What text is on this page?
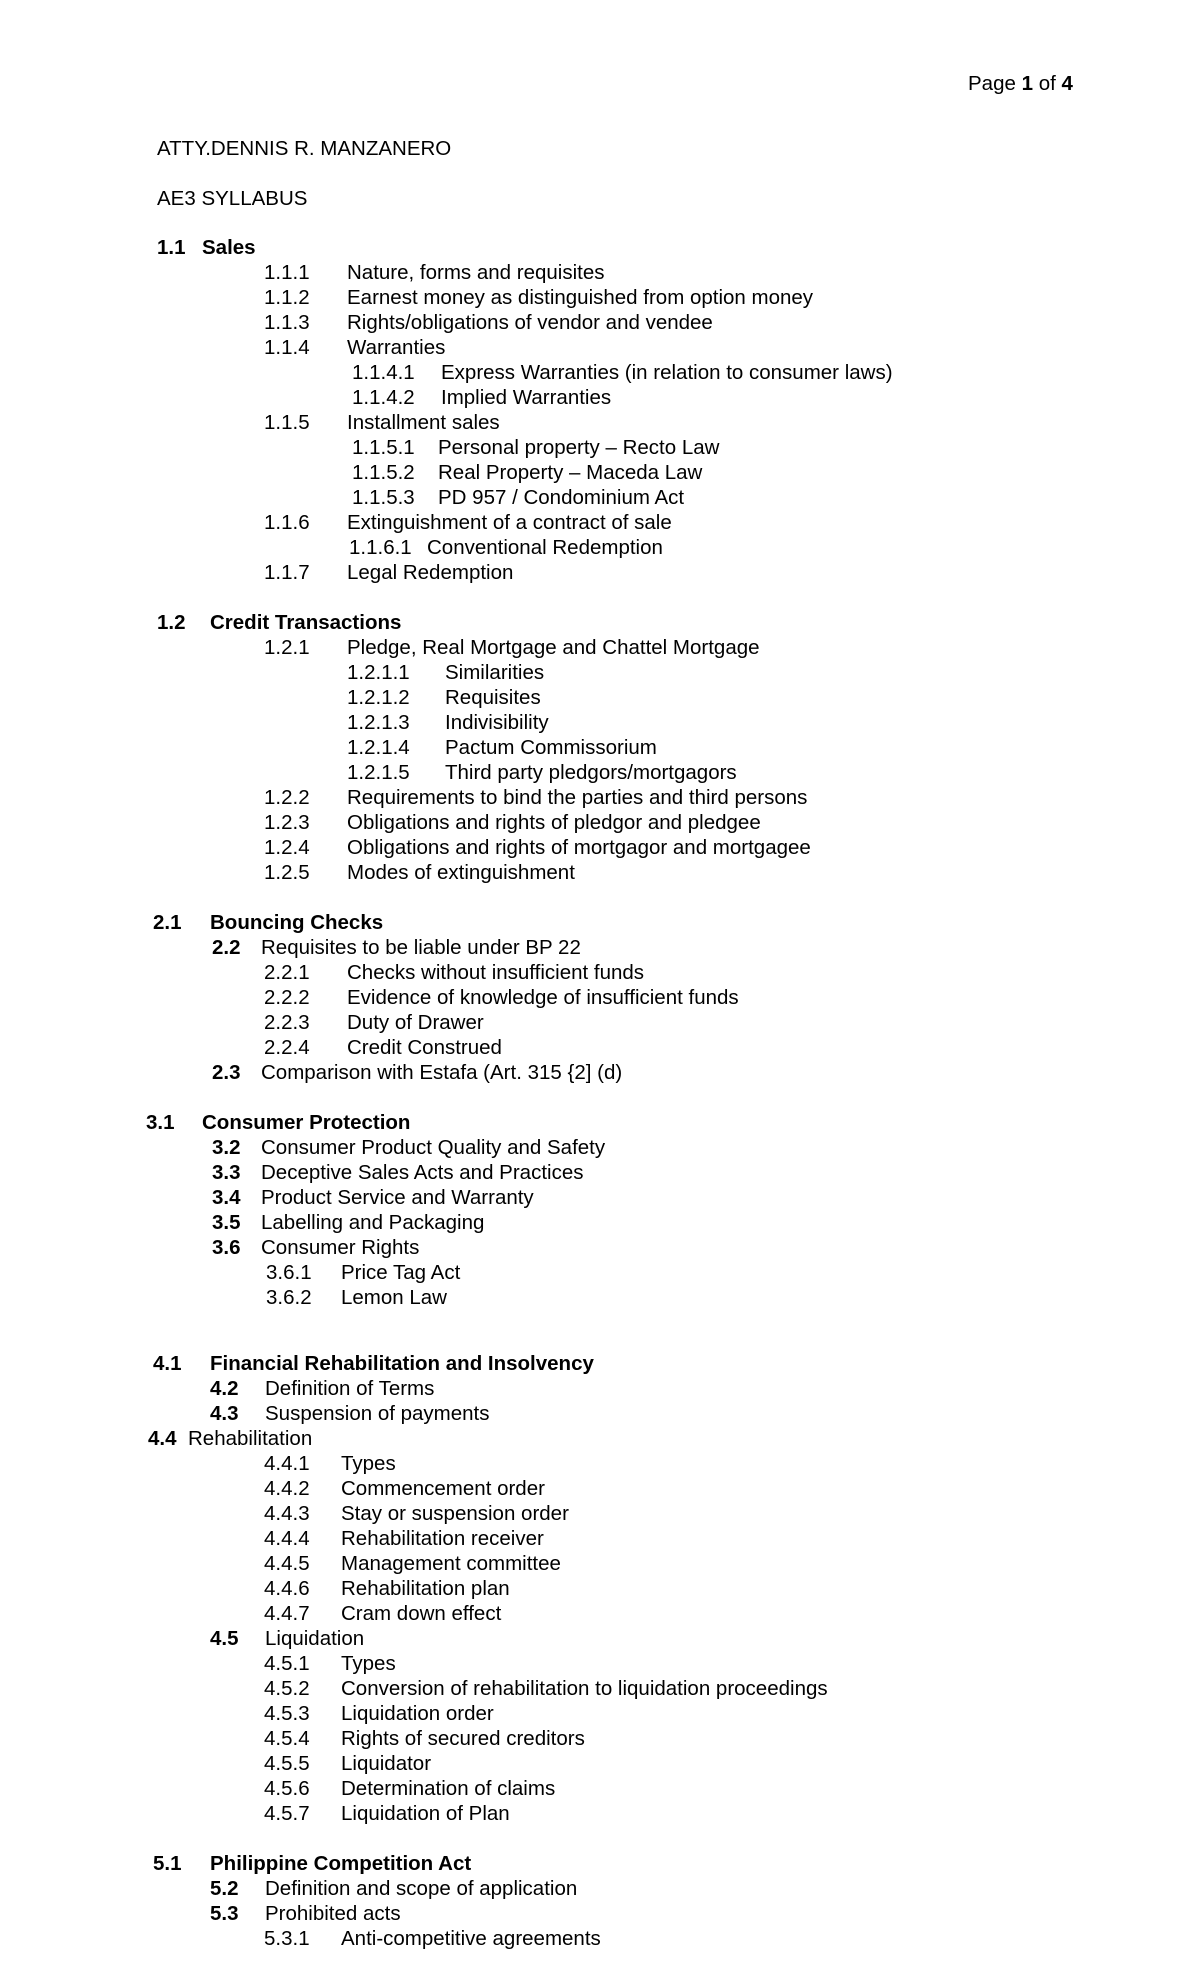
Page 1 of 4
ATTY.DENNIS R. MANZANERO
AE3 SYLLABUS
1.1 Sales
1.1.1 Nature, forms and requisites
1.1.2 Earnest money as distinguished from option money
1.1.3 Rights/obligations of vendor and vendee
1.1.4 Warranties
1.1.4.1 Express Warranties (in relation to consumer laws)
1.1.4.2 Implied Warranties
1.1.5 Installment sales
1.1.5.1 Personal property – Recto Law
1.1.5.2 Real Property – Maceda Law
1.1.5.3 PD 957 / Condominium Act
1.1.6 Extinguishment of a contract of sale
1.1.6.1 Conventional Redemption
1.1.7 Legal Redemption
1.2 Credit Transactions
1.2.1 Pledge, Real Mortgage and Chattel Mortgage
1.2.1.1 Similarities
1.2.1.2 Requisites
1.2.1.3 Indivisibility
1.2.1.4 Pactum Commissorium
1.2.1.5 Third party pledgors/mortgagors
1.2.2 Requirements to bind the parties and third persons
1.2.3 Obligations and rights of pledgor and pledgee
1.2.4 Obligations and rights of mortgagor and mortgagee
1.2.5 Modes of extinguishment
2.1 Bouncing Checks
2.2 Requisites to be liable under BP 22
2.2.1 Checks without insufficient funds
2.2.2 Evidence of knowledge of insufficient funds
2.2.3 Duty of Drawer
2.2.4 Credit Construed
2.3 Comparison with Estafa (Art. 315 {2] (d)
3.1 Consumer Protection
3.2 Consumer Product Quality and Safety
3.3 Deceptive Sales Acts and Practices
3.4 Product Service and Warranty
3.5 Labelling and Packaging
3.6 Consumer Rights
3.6.1 Price Tag Act
3.6.2 Lemon Law
4.1 Financial Rehabilitation and Insolvency
4.2 Definition of Terms
4.3 Suspension of payments
4.4 Rehabilitation
4.4.1 Types
4.4.2 Commencement order
4.4.3 Stay or suspension order
4.4.4 Rehabilitation receiver
4.4.5 Management committee
4.4.6 Rehabilitation plan
4.4.7 Cram down effect
4.5 Liquidation
4.5.1 Types
4.5.2 Conversion of rehabilitation to liquidation proceedings
4.5.3 Liquidation order
4.5.4 Rights of secured creditors
4.5.5 Liquidator
4.5.6 Determination of claims
4.5.7 Liquidation of Plan
5.1 Philippine Competition Act
5.2 Definition and scope of application
5.3 Prohibited acts
5.3.1 Anti-competitive agreements
